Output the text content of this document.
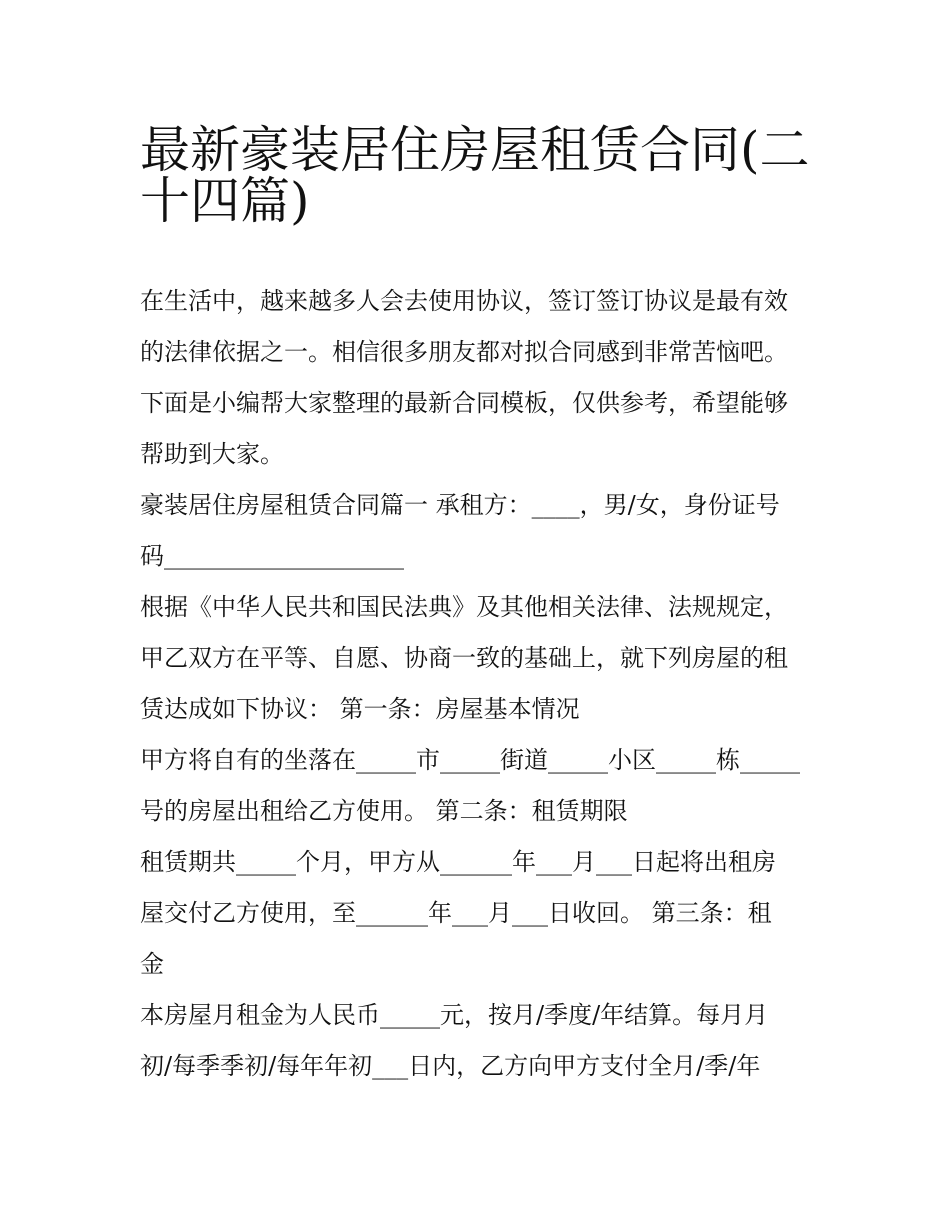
最新豪装居住房屋租赁合同(二
十四篇)
在生活中，越来越多人会去使用协议，签订签订协议是最有效
的法律依据之一。相信很多朋友都对拟合同感到非常苦恼吧。
下面是小编帮大家整理的最新合同模板，仅供参考，希望能够
帮助到大家。
豪装居住房屋租赁合同篇一 承租方：____，男/女，身份证号
码____________________
根据《中华人民共和国民法典》及其他相关法律、法规规定，
甲乙双方在平等、自愿、协商一致的基础上，就下列房屋的租
赁达成如下协议： 第一条：房屋基本情况
甲方将自有的坐落在_____市_____街道_____小区_____栋_____
号的房屋出租给乙方使用。 第二条：租赁期限
租赁期共_____个月，甲方从______年___月___日起将出租房
屋交付乙方使用，至______年___月___日收回。 第三条：租
金
本房屋月租金为人民币_____元，按月/季度/年结算。每月月
初/每季季初/每年年初___日内，乙方向甲方支付全月/季/年
